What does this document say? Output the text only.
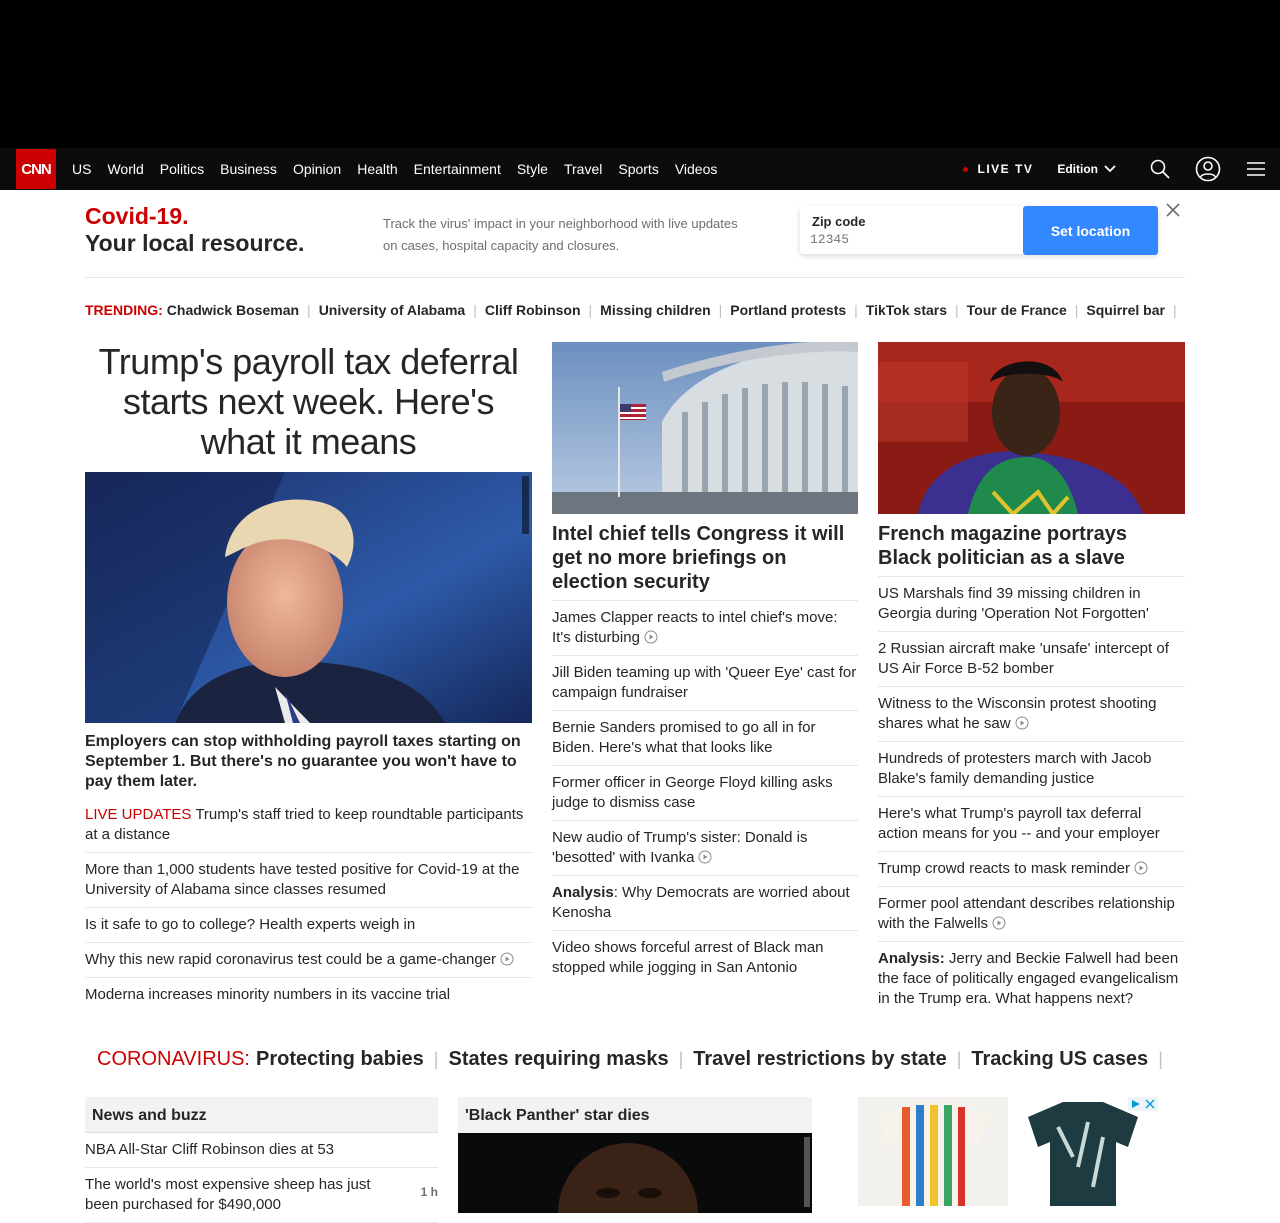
CNN	US World Politics Business Opinion Health Entertainment Style Travel Sports Videos	LIVE TV Edition
Covid-19.
Your local resource.
Track the virus' impact in your neighborhood with live updates on cases, hospital capacity and closures.
Zip code
12345
Set location
TRENDING: Chadwick Boseman | University of Alabama | Cliff Robinson | Missing children | Portland protests | TikTok stars | Tour de France | Squirrel bar |
Trump's payroll tax deferral starts next week. Here's what it means
Employers can stop withholding payroll taxes starting on September 1. But there's no guarantee you won't have to pay them later.
LIVE UPDATES Trump's staff tried to keep roundtable participants at a distance
More than 1,000 students have tested positive for Covid-19 at the University of Alabama since classes resumed
Is it safe to go to college? Health experts weigh in
Why this new rapid coronavirus test could be a game-changer
Moderna increases minority numbers in its vaccine trial
Intel chief tells Congress it will get no more briefings on election security
James Clapper reacts to intel chief's move: It's disturbing
Jill Biden teaming up with 'Queer Eye' cast for campaign fundraiser
Bernie Sanders promised to go all in for Biden. Here's what that looks like
Former officer in George Floyd killing asks judge to dismiss case
New audio of Trump's sister: Donald is 'besotted' with Ivanka
Analysis: Why Democrats are worried about Kenosha
Video shows forceful arrest of Black man stopped while jogging in San Antonio
French magazine portrays Black politician as a slave
US Marshals find 39 missing children in Georgia during 'Operation Not Forgotten'
2 Russian aircraft make 'unsafe' intercept of US Air Force B-52 bomber
Witness to the Wisconsin protest shooting shares what he saw
Hundreds of protesters march with Jacob Blake's family demanding justice
Here's what Trump's payroll tax deferral action means for you -- and your employer
Trump crowd reacts to mask reminder
Former pool attendant describes relationship with the Falwells
Analysis: Jerry and Beckie Falwell had been the face of politically engaged evangelicalism in the Trump era. What happens next?
CORONAVIRUS: Protecting babies | States requiring masks | Travel restrictions by state | Tracking US cases |
News and buzz
NBA All-Star Cliff Robinson dies at 53
The world's most expensive sheep has just been purchased for $490,000
1 h
'Black Panther' star dies
